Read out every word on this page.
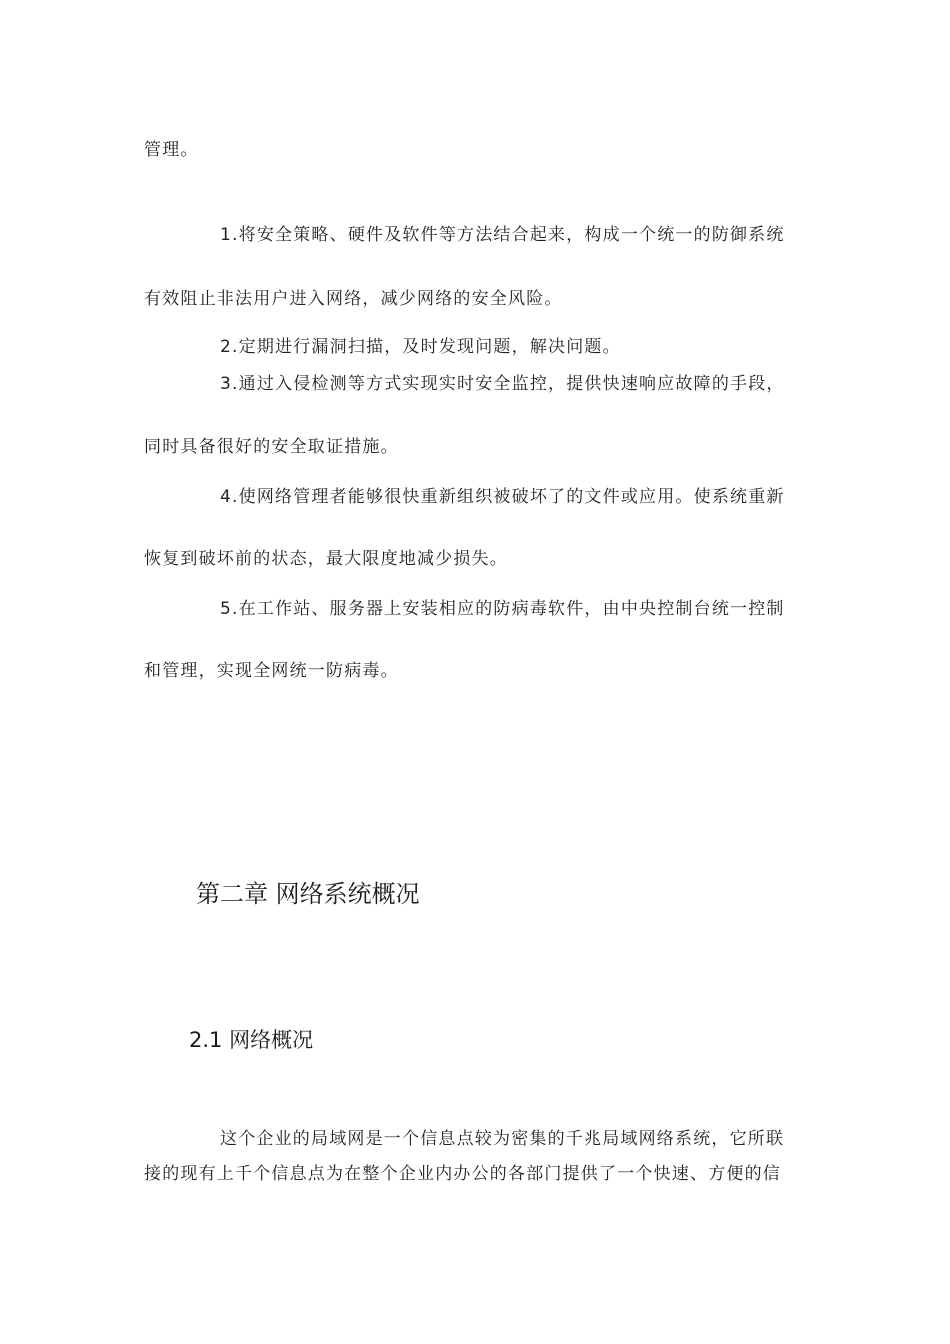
管理。
1.将安全策略、硬件及软件等方法结合起来，构成一个统一的防御系统
有效阻止非法用户进入网络，减少网络的安全风险。
2.定期进行漏洞扫描，及时发现问题，解决问题。
3.通过入侵检测等方式实现实时安全监控，提供快速响应故障的手段，
同时具备很好的安全取证措施。
4.使网络管理者能够很快重新组织被破坏了的文件或应用。使系统重新
恢复到破坏前的状态，最大限度地减少损失。
5.在工作站、服务器上安装相应的防病毒软件，由中央控制台统一控制
和管理，实现全网统一防病毒。
第二章 网络系统概况
2.1 网络概况
这个企业的局域网是一个信息点较为密集的千兆局域网络系统，它所联
接的现有上千个信息点为在整个企业内办公的各部门提供了一个快速、方便的信
